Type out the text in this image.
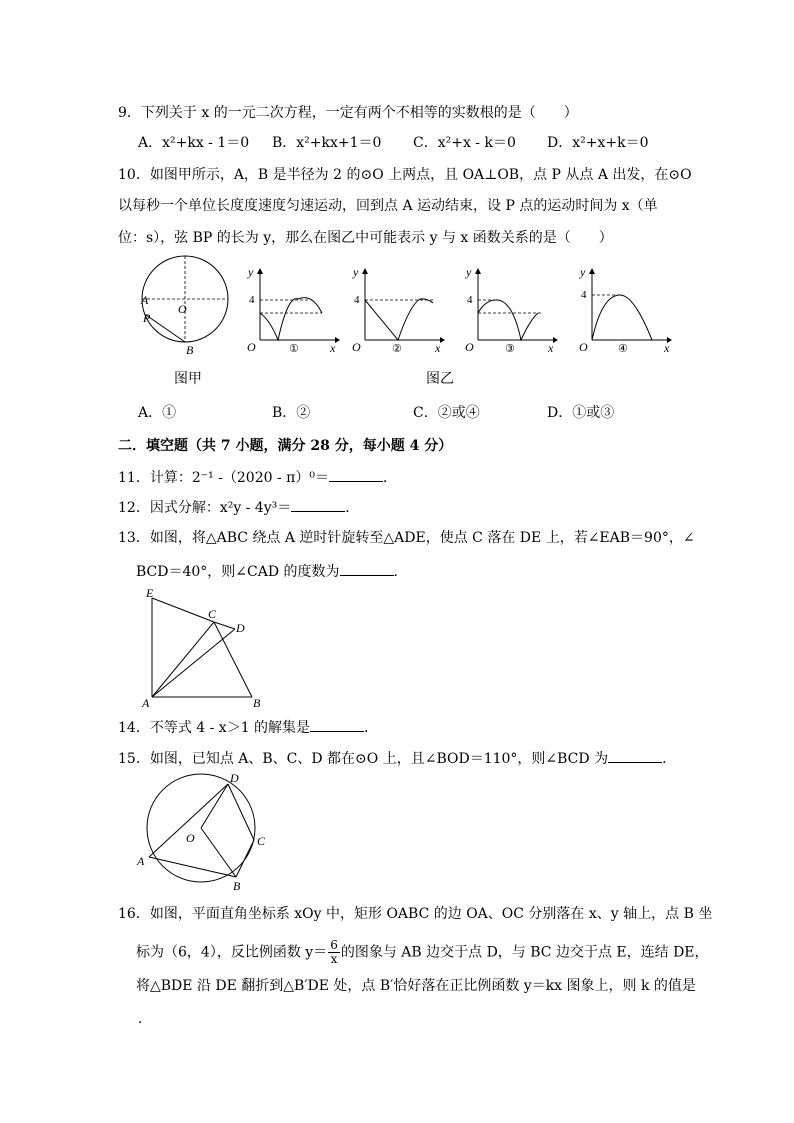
9．下列关于 x 的一元二次方程，一定有两个不相等的实数根的是（　　）
A．x²+kx - 1＝0 B．x²+kx+1＝0 C．x²+x - k＝0 D．x²+x+k＝0
10．如图甲所示，A，B 是半径为 2 的⊙O 上两点，且 OA⊥OB，点 P 从点 A 出发，在⊙O
以每秒一个单位长度度速度匀速运动，回到点 A 运动结束，设 P 点的运动时间为 x（单
位：s），弦 BP 的长为 y，那么在图乙中可能表示 y 与 x 函数关系的是（　　）
A
P
O
B
图甲
y
4
O	x
①
y
4
O	x
②
图乙
y
4
O	x
③
y
4
O	x
④
A．①	B．②	C．②或④	D．①或③
二．填空题（共 7 小题，满分 28 分，每小题 4 分）
11．计算：2⁻¹ -（2020 - π）⁰＝	．
12．因式分解：x²y - 4y³＝	．
13．如图，将△ABC 绕点 A 逆时针旋转至△ADE，使点 C 落在 DE 上，若∠EAB＝90°，∠
BCD＝40°，则∠CAD 的度数为	．
E
C
D
A	B
14．不等式 4 - x＞1 的解集是	．
15．如图，已知点 A、B、C、D 都在⊙O 上，且∠BOD＝110°，则∠BCD 为	．
D
O	C
A
B
16．如图，平面直角坐标系 xOy 中，矩形 OABC 的边 OA、OC 分别落在 x、y 轴上，点 B 坐
标为（6，4），反比例函数 $y= \frac{6}{x}$ 的图象与 AB 边交于点 D，与 BC 边交于点 E，连结 DE，
将△BDE 沿 DE 翻折到△B′DE 处，点 B′恰好落在正比例函数 y＝kx 图象上，则 k 的值是
．
